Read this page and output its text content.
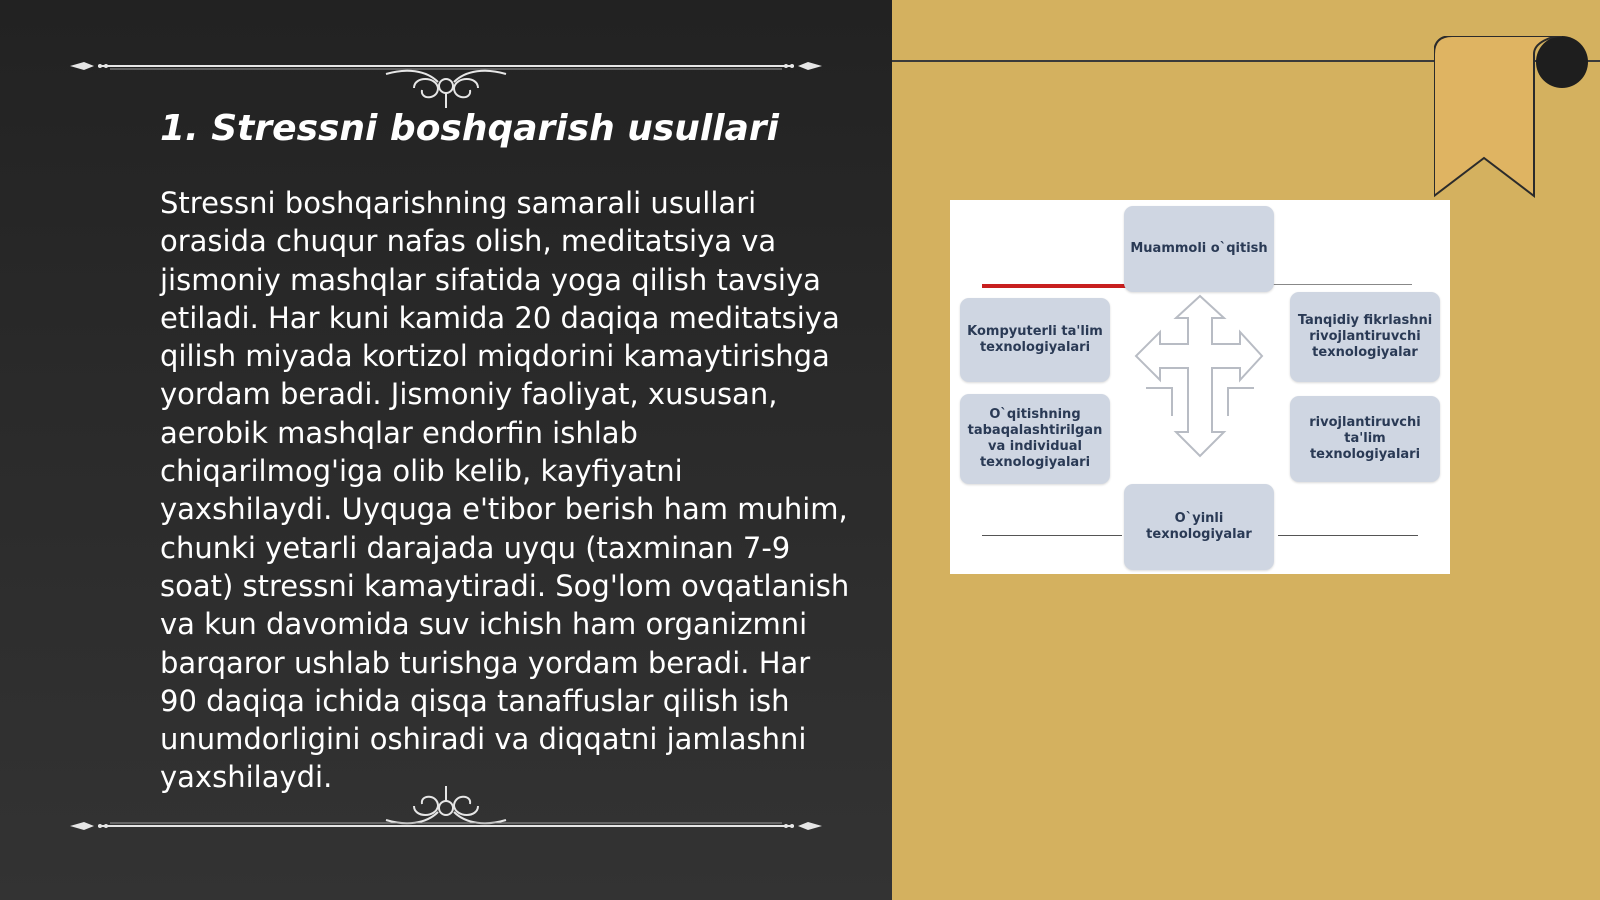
1. Stressni boshqarish usullari

Stressni boshqarishning samarali usullari orasida chuqur nafas olish, meditatsiya va jismoniy mashqlar sifatida yoga qilish tavsiya etiladi. Har kuni kamida 20 daqiqa meditatsiya qilish miyada kortizol miqdorini kamaytirishga yordam beradi. Jismoniy faoliyat, xususan, aerobik mashqlar endorfin ishlab chiqarilmog'iga olib kelib, kayfiyatni yaxshilaydi. Uyquga e'tibor berish ham muhim, chunki yetarli darajada uyqu (taxminan 7-9 soat) stressni kamaytiradi. Sog'lom ovqatlanish va kun davomida suv ichish ham organizmni barqaror ushlab turishga yordam beradi. Har 90 daqiqa ichida qisqa tanaffuslar qilish ish unumdorligini oshiradi va diqqatni jamlashni yaxshilaydi.

Muammoli o`qitish
Kompyuterli ta'lim texnologiyalari
Tanqidiy fikrlashni rivojlantiruvchi texnologiyalar
O`qitishning tabaqalashtirilgan va individual texnologiyalari
rivojlantiruvchi ta'lim texnologiyalari
O`yinli texnologiyalar
